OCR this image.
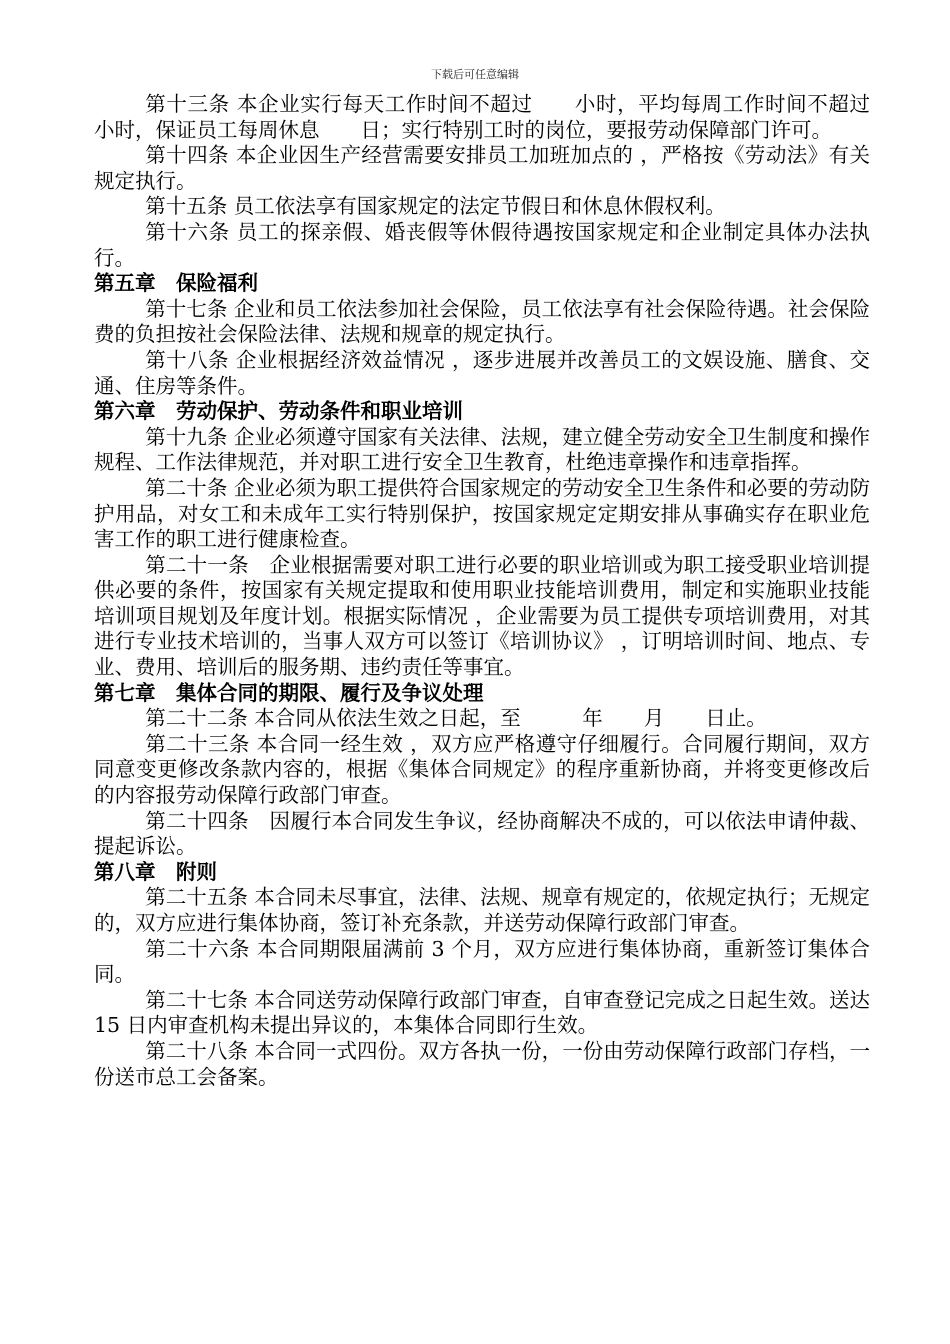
下载后可任意编辑

第十三条 本企业实行每天工作时间不超过　　小时，平均每周工作时间不超过　　小时，保证员工每周休息　　日；实行特别工时的岗位，要报劳动保障部门许可。

第十四条 本企业因生产经营需要安排员工加班加点的 ，严格按《劳动法》有关规定执行。

第十五条 员工依法享有国家规定的法定节假日和休息休假权利。

第十六条 员工的探亲假、婚丧假等休假待遇按国家规定和企业制定具体办法执行。

第五章 保险福利

第十七条 企业和员工依法参加社会保险，员工依法享有社会保险待遇。社会保险费的负担按社会保险法律、法规和规章的规定执行。

第十八条 企业根据经济效益情况 ，逐步进展并改善员工的文娱设施、膳食、交通、住房等条件。

第六章 劳动保护、劳动条件和职业培训

第十九条 企业必须遵守国家有关法律、法规，建立健全劳动安全卫生制度和操作规程、工作法律规范，并对职工进行安全卫生教育，杜绝违章操作和违章指挥。

第二十条 企业必须为职工提供符合国家规定的劳动安全卫生条件和必要的劳动防护用品，对女工和未成年工实行特别保护，按国家规定定期安排从事确实存在职业危害工作的职工进行健康检查。

第二十一条　企业根据需要对职工进行必要的职业培训或为职工接受职业培训提供必要的条件，按国家有关规定提取和使用职业技能培训费用，制定和实施职业技能培训项目规划及年度计划。根据实际情况 ，企业需要为员工提供专项培训费用，对其进行专业技术培训的，当事人双方可以签订《培训协议》 ，订明培训时间、地点、专业、费用、培训后的服务期、违约责任等事宜。

第七章 集体合同的期限、履行及争议处理

第二十二条 本合同从依法生效之日起，至　　　年　　月　　日止。

第二十三条 本合同一经生效 ，双方应严格遵守仔细履行。合同履行期间，双方同意变更修改条款内容的，根据《集体合同规定》的程序重新协商，并将变更修改后的内容报劳动保障行政部门审查。

第二十四条　因履行本合同发生争议，经协商解决不成的，可以依法申请仲裁、提起诉讼。

第八章 附则

第二十五条 本合同未尽事宜，法律、法规、规章有规定的，依规定执行；无规定的，双方应进行集体协商，签订补充条款，并送劳动保障行政部门审查。

第二十六条 本合同期限届满前 3 个月，双方应进行集体协商，重新签订集体合同。

第二十七条 本合同送劳动保障行政部门审查，自审查登记完成之日起生效。送达 15 日内审查机构未提出异议的，本集体合同即行生效。

第二十八条 本合同一式四份。双方各执一份，一份由劳动保障行政部门存档，一份送市总工会备案。
